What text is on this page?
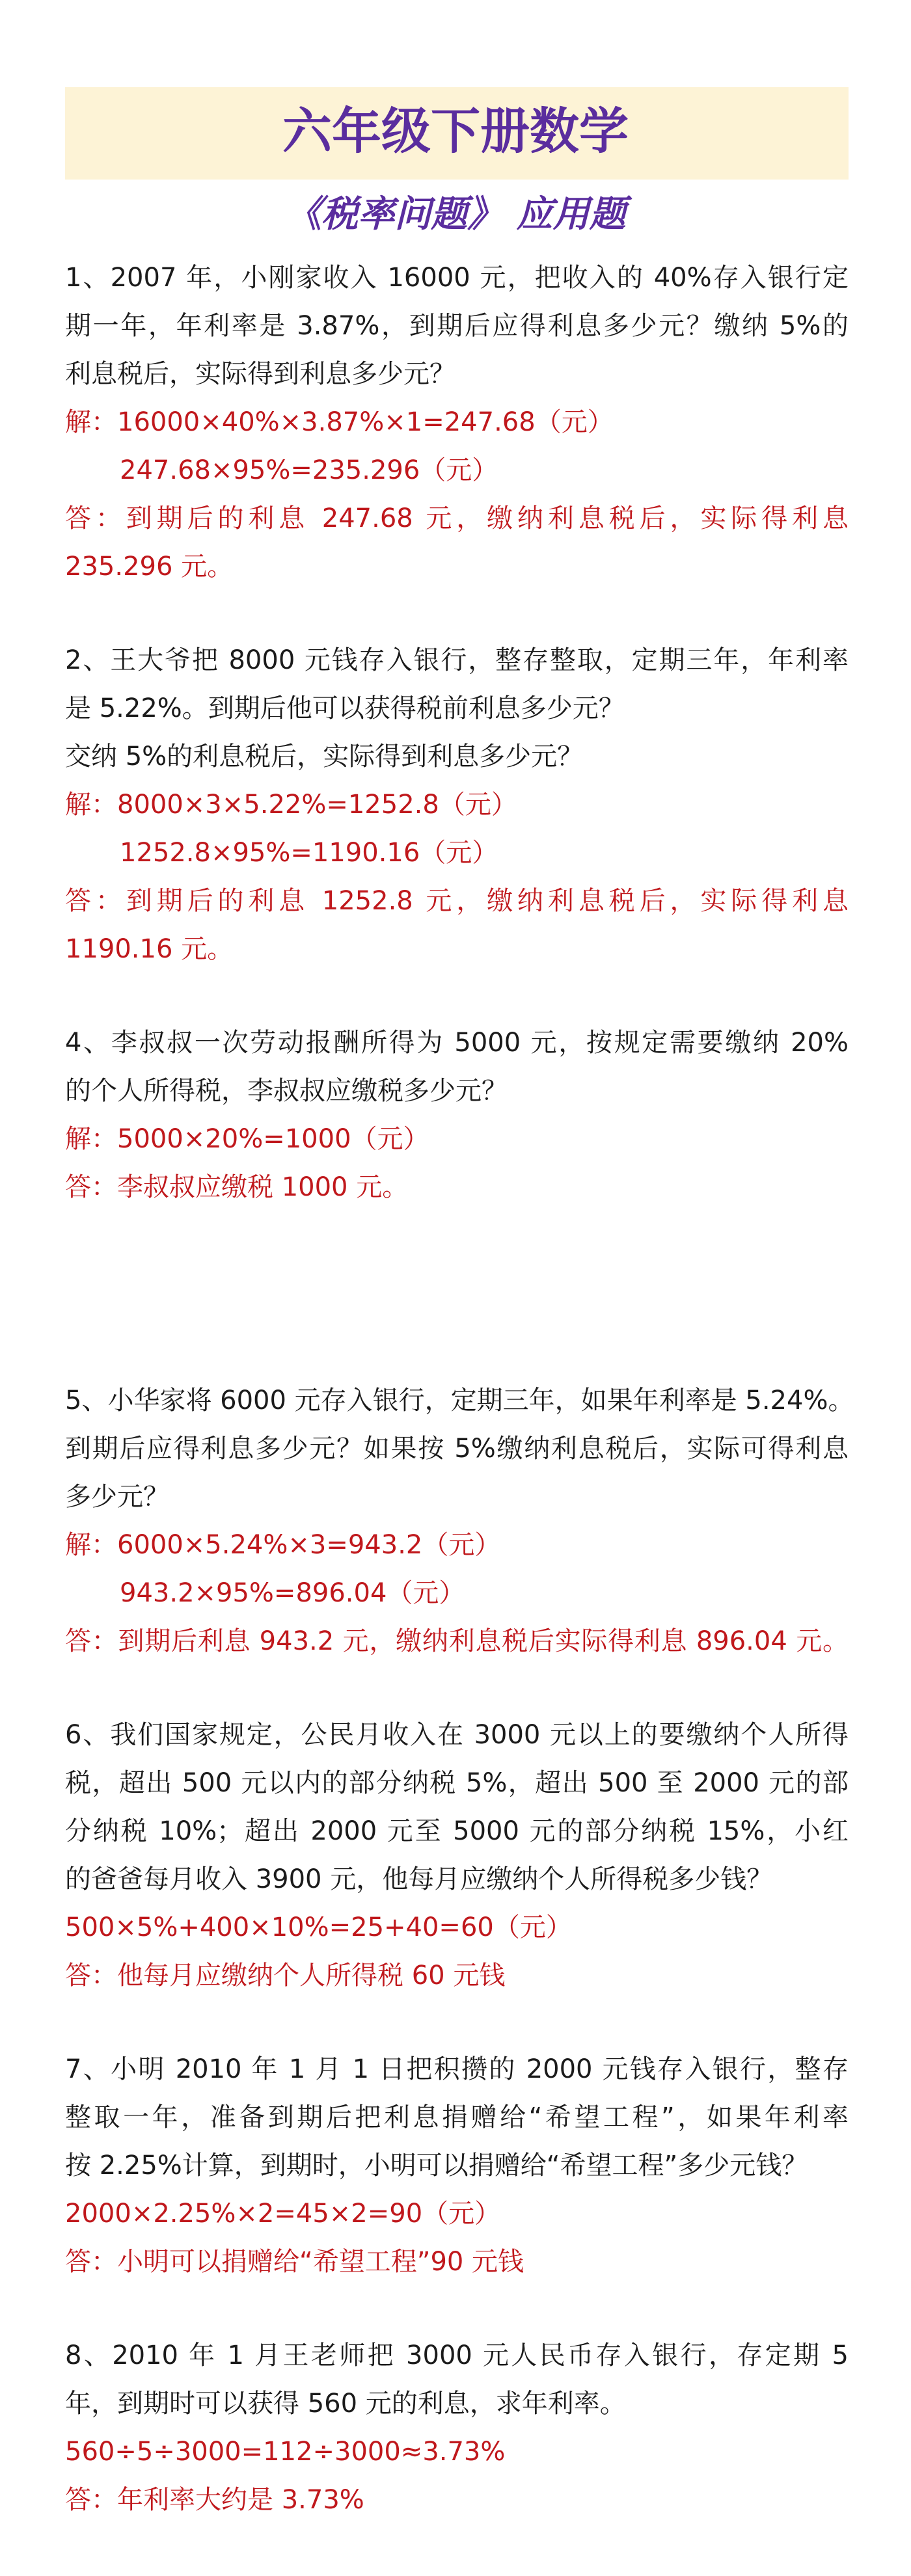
六年级下册数学
《税率问题》 应用题
1、2007 年，小刚家收入 16000 元，把收入的 40%存入银行定
期一年，年利率是 3.87%，到期后应得利息多少元？缴纳 5%的
利息税后，实际得到利息多少元？
解：16000×40%×3.87%×1=247.68（元）
247.68×95%=235.296（元）
答：到期后的利息 247.68 元，缴纳利息税后，实际得利息
235.296 元。
2、王大爷把 8000 元钱存入银行，整存整取，定期三年，年利率
是 5.22%。到期后他可以获得税前利息多少元？
交纳 5%的利息税后，实际得到利息多少元？
解：8000×3×5.22%=1252.8（元）
1252.8×95%=1190.16（元）
答：到期后的利息 1252.8 元，缴纳利息税后，实际得利息
1190.16 元。
4、李叔叔一次劳动报酬所得为 5000 元，按规定需要缴纳 20%
的个人所得税，李叔叔应缴税多少元？
解：5000×20%=1000（元）
答：李叔叔应缴税 1000 元。
5、小华家将 6000 元存入银行，定期三年，如果年利率是 5.24%。
到期后应得利息多少元？如果按 5%缴纳利息税后，实际可得利息
多少元？
解：6000×5.24%×3=943.2（元）
943.2×95%=896.04（元）
答：到期后利息 943.2 元，缴纳利息税后实际得利息 896.04 元。
6、我们国家规定，公民月收入在 3000 元以上的要缴纳个人所得
税，超出 500 元以内的部分纳税 5%，超出 500 至 2000 元的部
分纳税 10%；超出 2000 元至 5000 元的部分纳税 15%，小红
的爸爸每月收入 3900 元，他每月应缴纳个人所得税多少钱？
500×5%+400×10%=25+40=60（元）
答：他每月应缴纳个人所得税 60 元钱
7、小明 2010 年 1 月 1 日把积攒的 2000 元钱存入银行，整存
整取一年，准备到期后把利息捐赠给“希望工程”，如果年利率
按 2.25%计算，到期时，小明可以捐赠给“希望工程”多少元钱？
2000×2.25%×2=45×2=90（元）
答：小明可以捐赠给“希望工程”90 元钱
8、2010 年 1 月王老师把 3000 元人民币存入银行，存定期 5
年，到期时可以获得 560 元的利息，求年利率。
560÷5÷3000=112÷3000≈3.73%
答：年利率大约是 3.73%
